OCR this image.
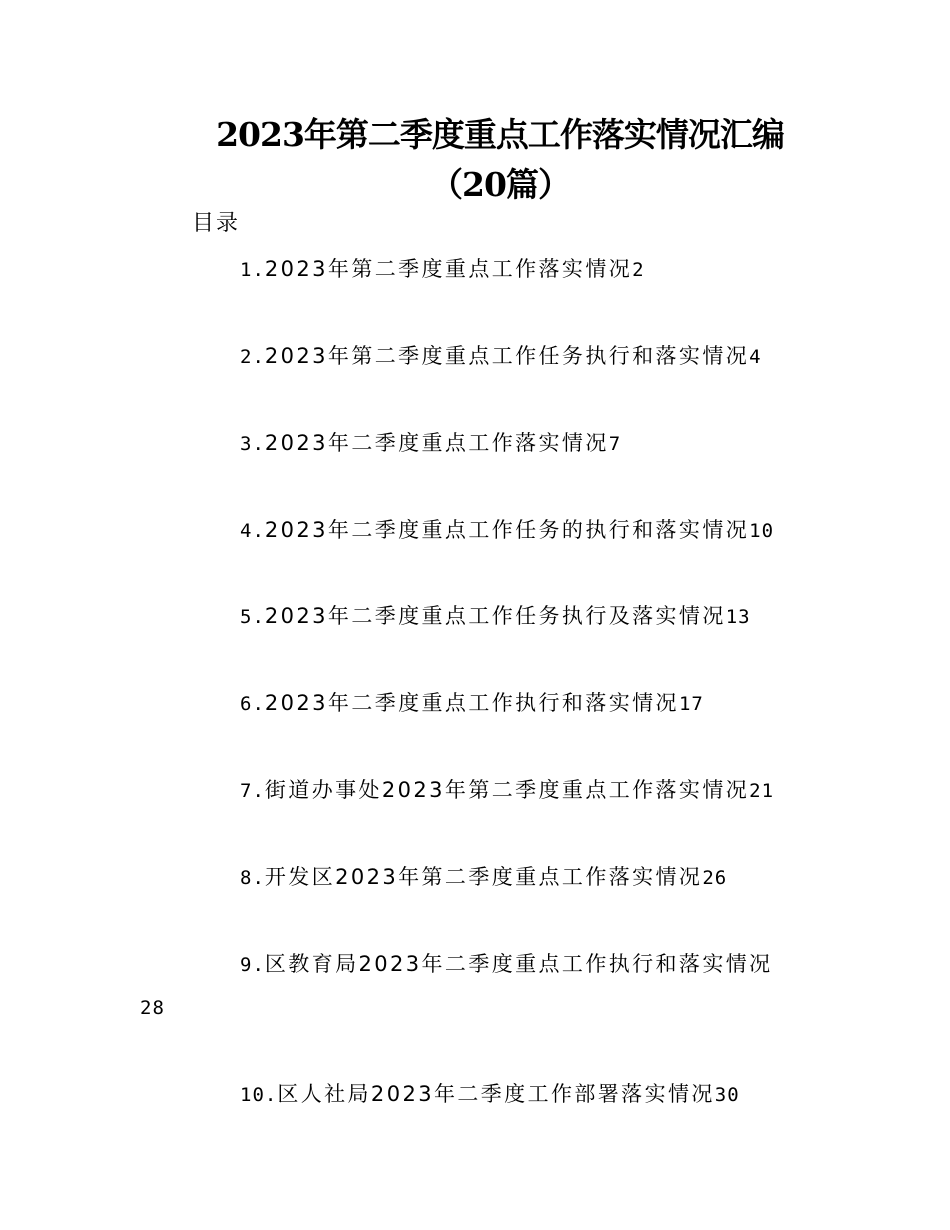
2023年第二季度重点工作落实情况汇编
（20篇）
目录
1.2023年第二季度重点工作落实情况2
2.2023年第二季度重点工作任务执行和落实情况4
3.2023年二季度重点工作落实情况7
4.2023年二季度重点工作任务的执行和落实情况10
5.2023年二季度重点工作任务执行及落实情况13
6.2023年二季度重点工作执行和落实情况17
7.街道办事处2023年第二季度重点工作落实情况21
8.开发区2023年第二季度重点工作落实情况26
9.区教育局2023年二季度重点工作执行和落实情况
28
10.区人社局2023年二季度工作部署落实情况30
